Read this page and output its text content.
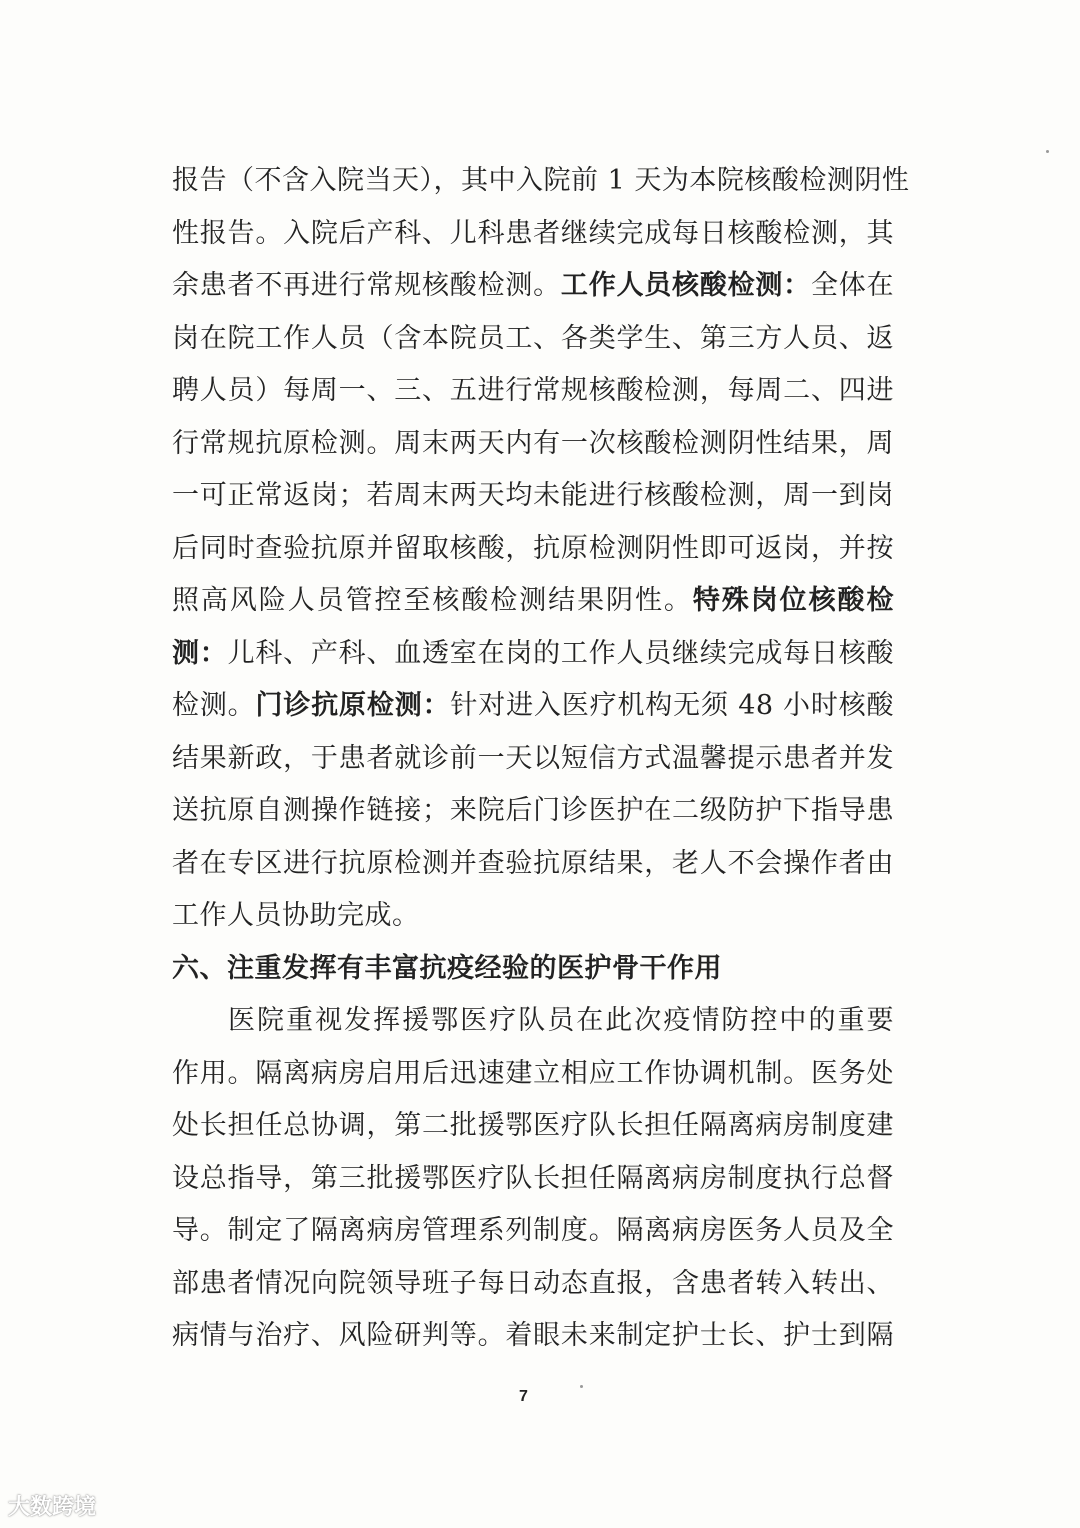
报告（不含入院当天），其中入院前 1 天为本院核酸检测阴性
性报告。入院后产科、儿科患者继续完成每日核酸检测，其
余患者不再进行常规核酸检测。工作人员核酸检测：全体在
岗在院工作人员（含本院员工、各类学生、第三方人员、返
聘人员）每周一、三、五进行常规核酸检测，每周二、四进
行常规抗原检测。周末两天内有一次核酸检测阴性结果，周
一可正常返岗；若周末两天均未能进行核酸检测，周一到岗
后同时查验抗原并留取核酸，抗原检测阴性即可返岗，并按
照高风险人员管控至核酸检测结果阴性。特殊岗位核酸检
测：儿科、产科、血透室在岗的工作人员继续完成每日核酸
检测。门诊抗原检测：针对进入医疗机构无须 48 小时核酸
结果新政，于患者就诊前一天以短信方式温馨提示患者并发
送抗原自测操作链接；来院后门诊医护在二级防护下指导患
者在专区进行抗原检测并查验抗原结果，老人不会操作者由
工作人员协助完成。
六、注重发挥有丰富抗疫经验的医护骨干作用
医院重视发挥援鄂医疗队员在此次疫情防控中的重要
作用。隔离病房启用后迅速建立相应工作协调机制。医务处
处长担任总协调，第二批援鄂医疗队长担任隔离病房制度建
设总指导，第三批援鄂医疗队长担任隔离病房制度执行总督
导。制定了隔离病房管理系列制度。隔离病房医务人员及全
部患者情况向院领导班子每日动态直报，含患者转入转出、
病情与治疗、风险研判等。着眼未来制定护士长、护士到隔
7
大数跨境
